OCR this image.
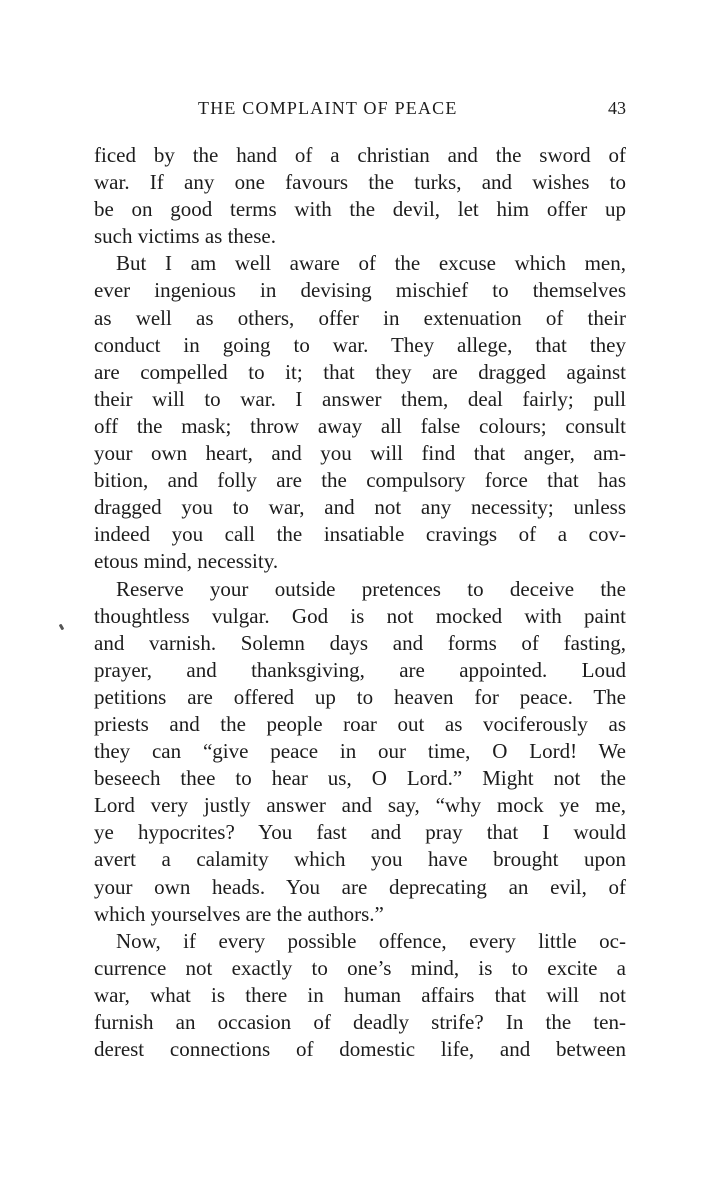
THE COMPLAINT OF PEACE	43
ficed by the hand of a christian and the sword of
war. If any one favours the turks, and wishes to
be on good terms with the devil, let him offer up
such victims as these.
But I am well aware of the excuse which men,
ever ingenious in devising mischief to themselves
as well as others, offer in extenuation of their
conduct in going to war. They allege, that they
are compelled to it; that they are dragged against
their will to war. I answer them, deal fairly; pull
off the mask; throw away all false colours; consult
your own heart, and you will find that anger, am-
bition, and folly are the compulsory force that has
dragged you to war, and not any necessity; unless
indeed you call the insatiable cravings of a cov-
etous mind, necessity.
Reserve your outside pretences to deceive the
thoughtless vulgar. God is not mocked with paint
and varnish. Solemn days and forms of fasting,
prayer, and thanksgiving, are appointed. Loud
petitions are offered up to heaven for peace. The
priests and the people roar out as vociferously as
they can “give peace in our time, O Lord! We
beseech thee to hear us, O Lord.” Might not the
Lord very justly answer and say, “why mock ye me,
ye hypocrites? You fast and pray that I would
avert a calamity which you have brought upon
your own heads. You are deprecating an evil, of
which yourselves are the authors.”
Now, if every possible offence, every little oc-
currence not exactly to one’s mind, is to excite a
war, what is there in human affairs that will not
furnish an occasion of deadly strife? In the ten-
derest connections of domestic life, and between
